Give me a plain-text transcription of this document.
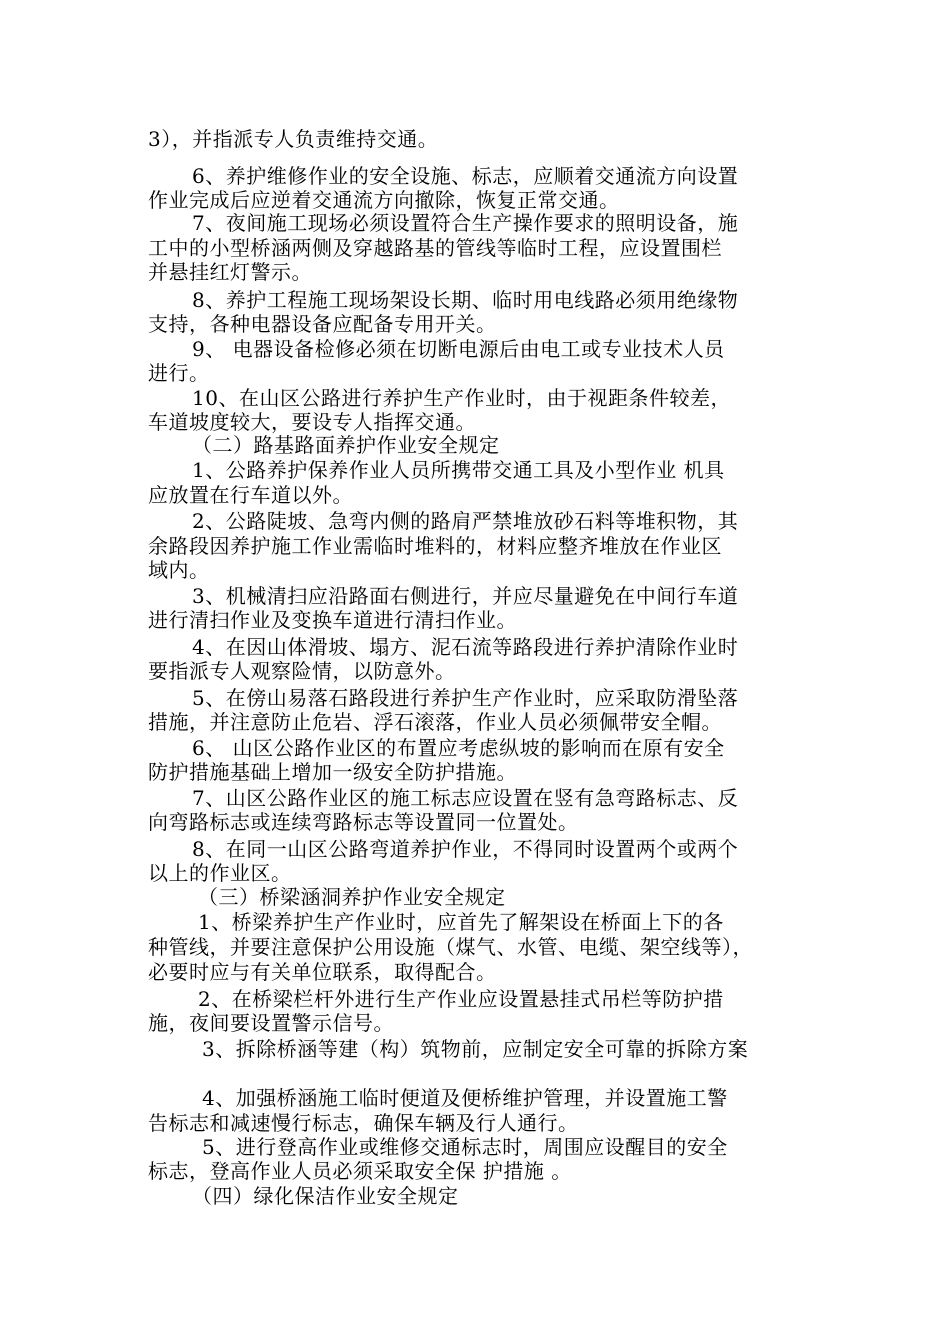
3），并指派专人负责维持交通。
6、养护维修作业的安全设施、标志，应顺着交通流方向设置
作业完成后应逆着交通流方向撤除，恢复正常交通。
7、夜间施工现场必须设置符合生产操作要求的照明设备，施
工中的小型桥涵两侧及穿越路基的管线等临时工程，应设置围栏
并悬挂红灯警示。
8、养护工程施工现场架设长期、临时用电线路必须用绝缘物
支持，各种电器设备应配备专用开关。
9、 电器设备检修必须在切断电源后由电工或专业技术人员
进行。
10、在山区公路进行养护生产作业时，由于视距条件较差，
车道坡度较大，要设专人指挥交通。
（二）路基路面养护作业安全规定
1、公路养护保养作业人员所携带交通工具及小型作业 机具
应放置在行车道以外。
2、公路陡坡、急弯内侧的路肩严禁堆放砂石料等堆积物，其
余路段因养护施工作业需临时堆料的，材料应整齐堆放在作业区
域内。
3、机械清扫应沿路面右侧进行，并应尽量避免在中间行车道
进行清扫作业及变换车道进行清扫作业。
4、在因山体滑坡、塌方、泥石流等路段进行养护清除作业时
要指派专人观察险情，以防意外。
5、在傍山易落石路段进行养护生产作业时，应采取防滑坠落
措施，并注意防止危岩、浮石滚落，作业人员必须佩带安全帽。
6、 山区公路作业区的布置应考虑纵坡的影响而在原有安全
防护措施基础上增加一级安全防护措施。
7、山区公路作业区的施工标志应设置在竖有急弯路标志、反
向弯路标志或连续弯路标志等设置同一位置处。
8、在同一山区公路弯道养护作业，不得同时设置两个或两个
以上的作业区。
（三）桥梁涵洞养护作业安全规定
1、桥梁养护生产作业时，应首先了解架设在桥面上下的各
种管线，并要注意保护公用设施（煤气、水管、电缆、架空线等），
必要时应与有关单位联系，取得配合。
2、在桥梁栏杆外进行生产作业应设置悬挂式吊栏等防护措
施，夜间要设置警示信号。
3、拆除桥涵等建（构）筑物前，应制定安全可靠的拆除方案
4、加强桥涵施工临时便道及便桥维护管理，并设置施工警
告标志和减速慢行标志，确保车辆及行人通行。
5、进行登高作业或维修交通标志时，周围应设醒目的安全
标志，登高作业人员必须采取安全保 护措施 。
（四）绿化保洁作业安全规定
